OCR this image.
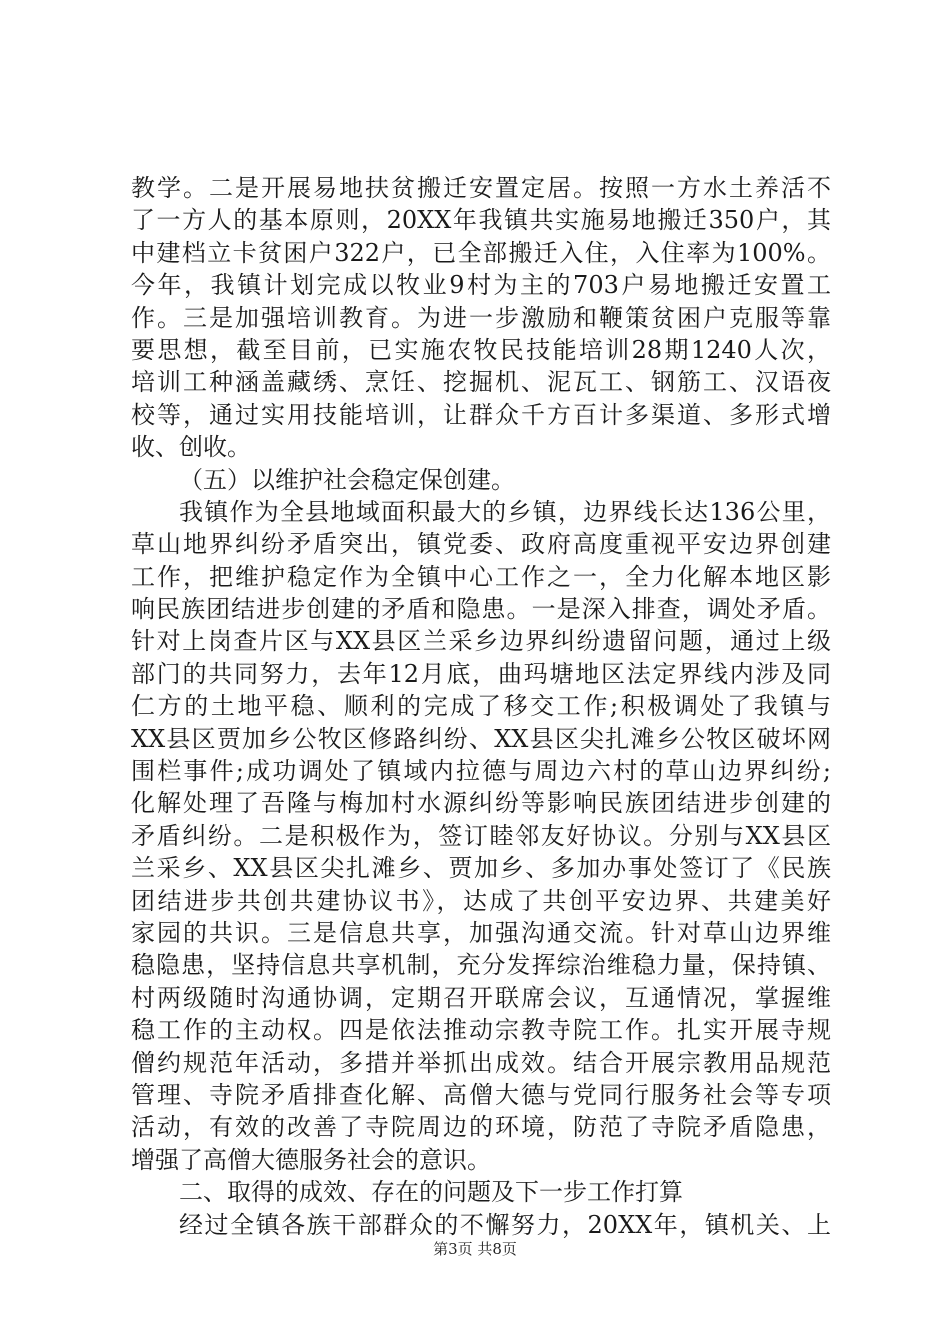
教学。二是开展易地扶贫搬迁安置定居。按照一方水土养活不
了一方人的基本原则，20XX年我镇共实施易地搬迁350户，其
中建档立卡贫困户322户，已全部搬迁入住，入住率为100%。
今年，我镇计划完成以牧业9村为主的703户易地搬迁安置工
作。三是加强培训教育。为进一步激励和鞭策贫困户克服等靠
要思想，截至目前，已实施农牧民技能培训28期1240人次，
培训工种涵盖藏绣、烹饪、挖掘机、泥瓦工、钢筋工、汉语夜
校等，通过实用技能培训，让群众千方百计多渠道、多形式增
收、创收。
（五）以维护社会稳定保创建。
我镇作为全县地域面积最大的乡镇，边界线长达136公里，
草山地界纠纷矛盾突出，镇党委、政府高度重视平安边界创建
工作，把维护稳定作为全镇中心工作之一，全力化解本地区影
响民族团结进步创建的矛盾和隐患。一是深入排查，调处矛盾。
针对上岗查片区与XX县区兰采乡边界纠纷遗留问题，通过上级
部门的共同努力，去年12月底，曲玛塘地区法定界线内涉及同
仁方的土地平稳、顺利的完成了移交工作;积极调处了我镇与
XX县区贾加乡公牧区修路纠纷、XX县区尖扎滩乡公牧区破坏网
围栏事件;成功调处了镇域内拉德与周边六村的草山边界纠纷;
化解处理了吾隆与梅加村水源纠纷等影响民族团结进步创建的
矛盾纠纷。二是积极作为，签订睦邻友好协议。分别与XX县区
兰采乡、XX县区尖扎滩乡、贾加乡、多加办事处签订了《民族
团结进步共创共建协议书》，达成了共创平安边界、共建美好
家园的共识。三是信息共享，加强沟通交流。针对草山边界维
稳隐患，坚持信息共享机制，充分发挥综治维稳力量，保持镇、
村两级随时沟通协调，定期召开联席会议，互通情况，掌握维
稳工作的主动权。四是依法推动宗教寺院工作。扎实开展寺规
僧约规范年活动，多措并举抓出成效。结合开展宗教用品规范
管理、寺院矛盾排查化解、高僧大德与党同行服务社会等专项
活动，有效的改善了寺院周边的环境，防范了寺院矛盾隐患，
增强了高僧大德服务社会的意识。
二、取得的成效、存在的问题及下一步工作打算
经过全镇各族干部群众的不懈努力，20XX年，镇机关、上
第3页 共8页
